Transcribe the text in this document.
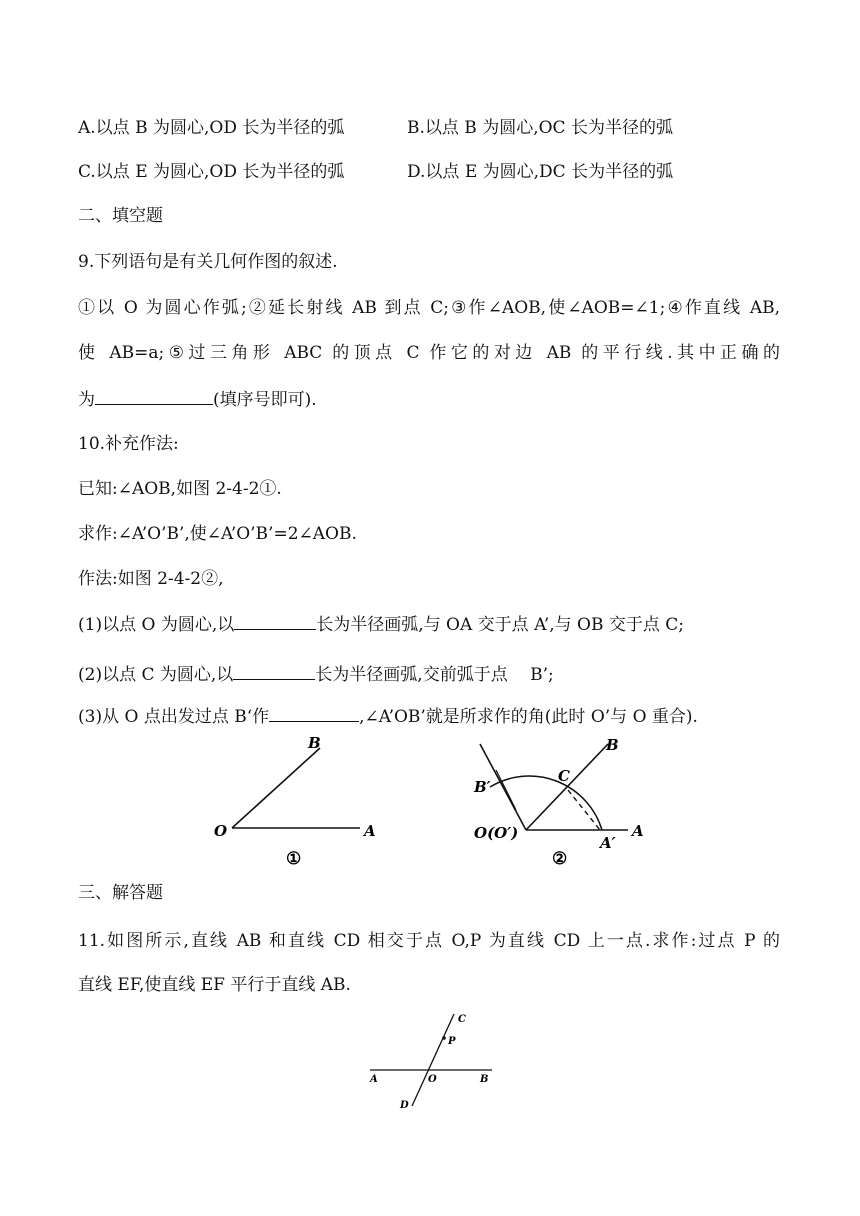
A.以点 B 为圆心,OD 长为半径的弧	B.以点 B 为圆心,OC 长为半径的弧
C.以点 E 为圆心,OD 长为半径的弧	D.以点 E 为圆心,DC 长为半径的弧
二、填空题
9.下列语句是有关几何作图的叙述.
①以 O 为圆心作弧;②延长射线 AB 到点 C;③作∠AOB,使∠AOB=∠1;④作直线 AB,
使 AB=a;⑤过三角形 ABC 的顶点 C 作它的对边 AB 的平行线.其中正确的
为	(填序号即可).
10.补充作法:
已知:∠AOB,如图 2-4-2①.
求作:∠A’O’B’,使∠A’O’B’=2∠AOB.
作法:如图 2-4-2②,
(1)以点 O 为圆心,以	长为半径画弧,与 OA 交于点 A’,与 OB 交于点 C;
(2)以点 C 为圆心,以	长为半径画弧,交前弧于点　 B’;
(3)从 O 点出发过点 B‘作	,∠A’OB’就是所求作的角(此时 O’与 O 重合).
B
O	A
①
B
B′
C
O(O′)	A
A′
②
三、解答题
11.如图所示,直线 AB 和直线 CD 相交于点 O,P 为直线 CD 上一点.求作:过点 P 的
直线 EF,使直线 EF 平行于直线 AB.
C
P
A	O	B
D
